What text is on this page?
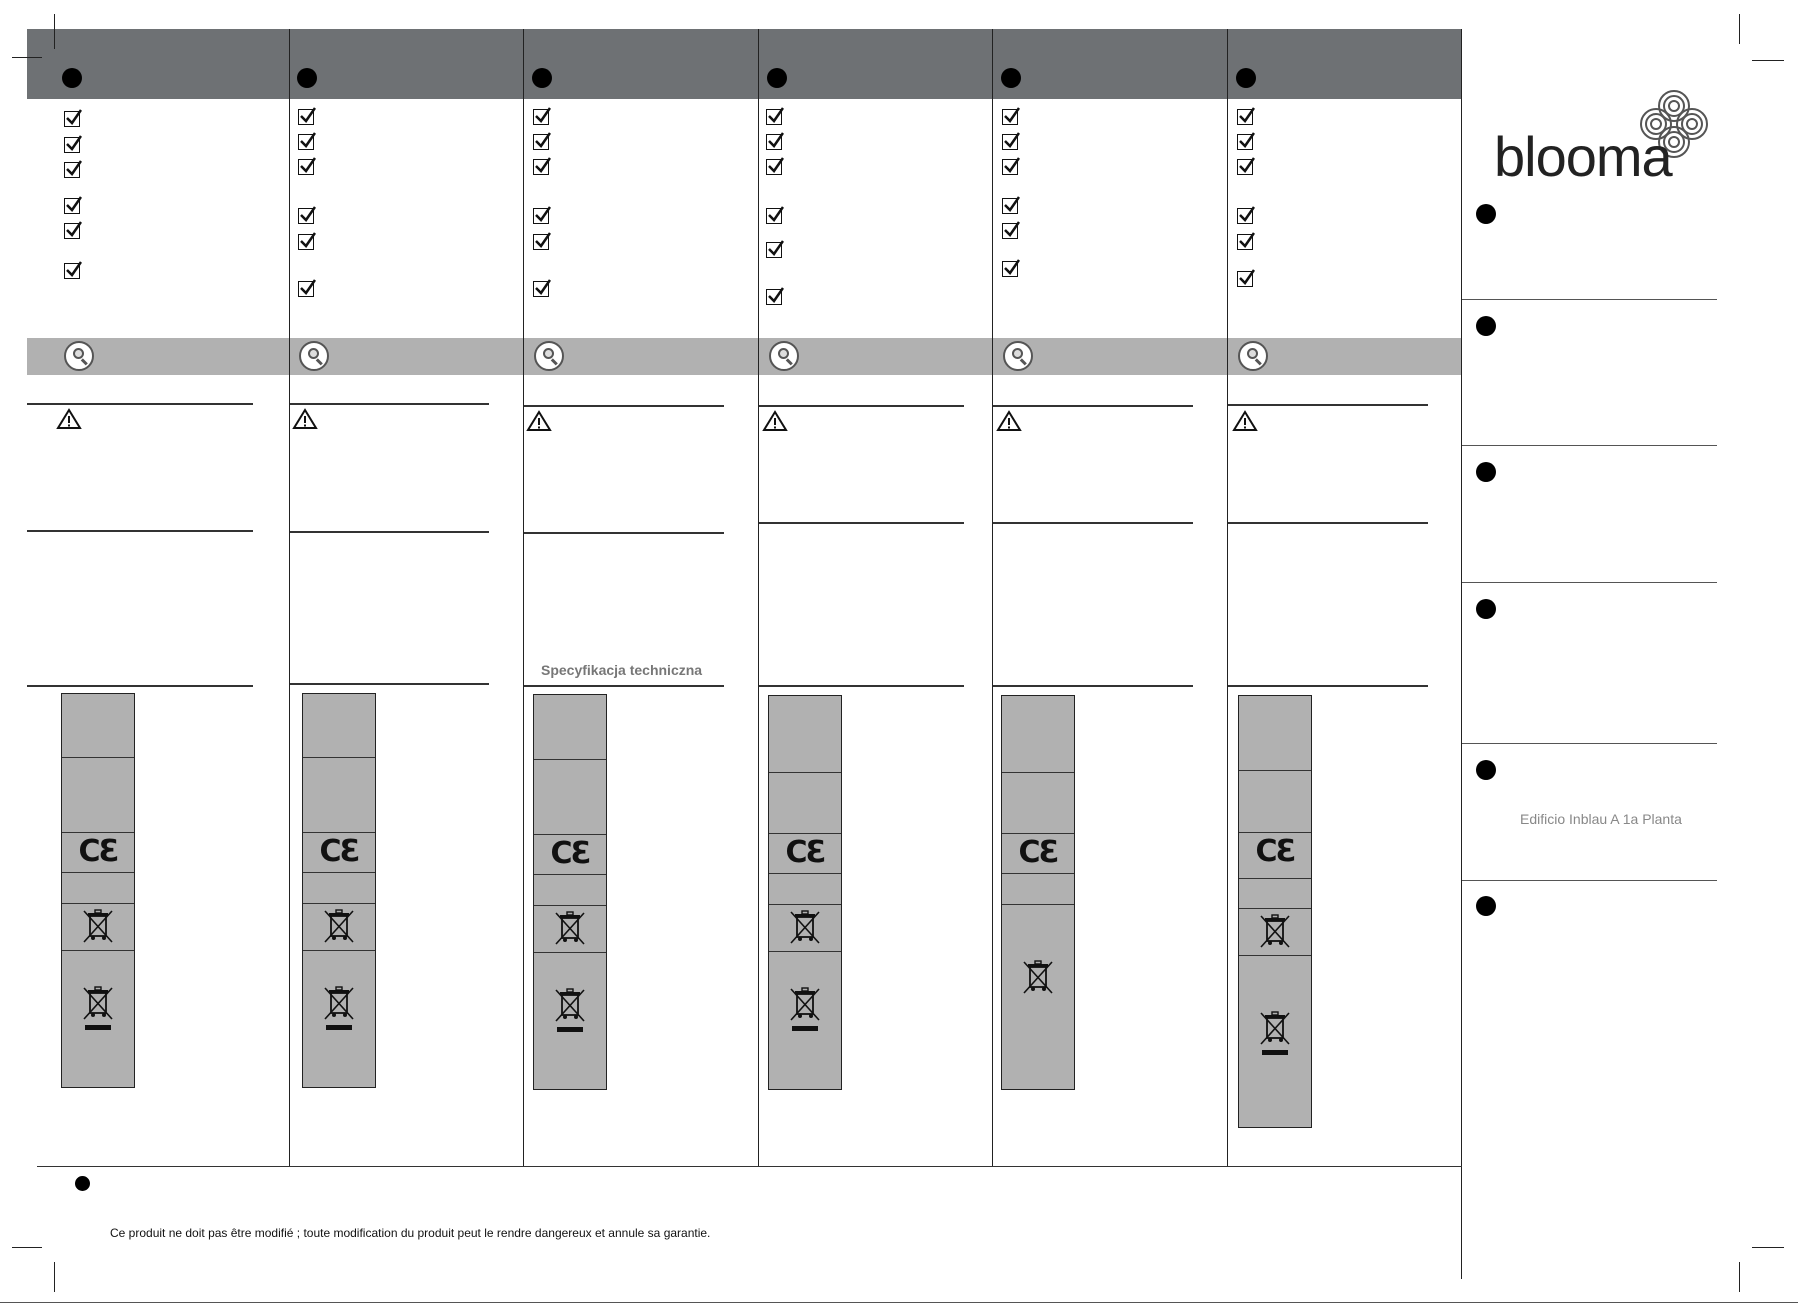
Specyfikacja techniczna
CƐ	CƐ	CƐ	CƐ	CƐ	CƐ
blooma
Edificio Inblau A 1a Planta
Ce produit ne doit pas être modifié ; toute modification du produit peut le rendre dangereux et annule sa garantie.
